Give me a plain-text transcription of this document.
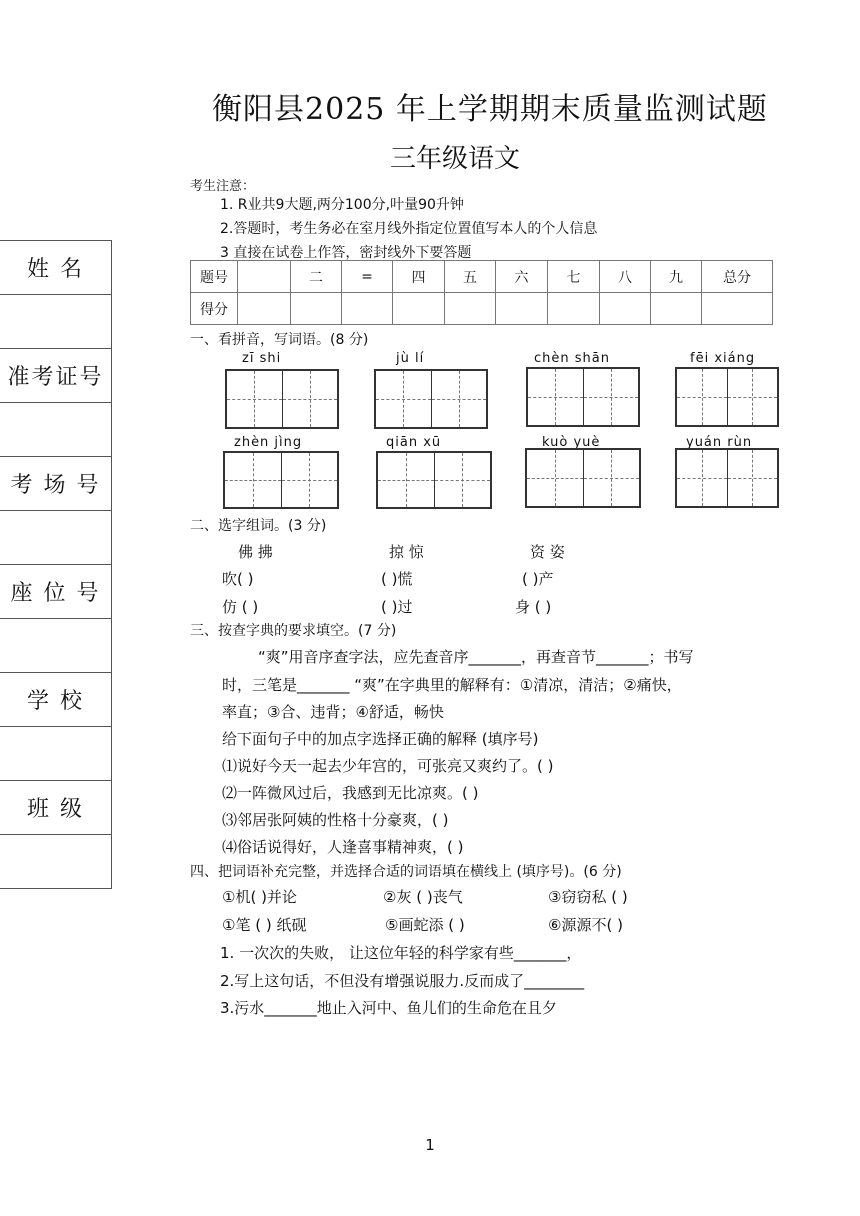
衡阳县2025 年上学期期末质量监测试题
三年级语文
考生注意：
1. R业共9大题,两分100分,叶量90升钟
2.答题时，考生务必在室月线外指定位置值写本人的个人信息
3 直接在试卷上作答，密封线外下要答题
姓 名
准考证号
考 场 号
座 位 号
学 校
班 级
题号		二	=	四	五	六	七	八	九	总分
得分										
一、看拼音，写词语。(8 分)
zī shi	jù lí	chèn shān	fēi xiáng
zhèn jìng	qiān xū	kuò yuè	yuán rùn
二、选字组词。(3 分)
佛 拂	掠 惊	资 姿
吹( )	( )慌	( )产
仿 ( )	( )过	身 ( )
三、按查字典的要求填空。(7 分)
“爽”用音序查字法，应先查音序_______，再查音节_______；书写
时，三笔是_______ “爽”在字典里的解释有：①清凉，清洁；②痛快，
率直；③合、违背；④舒适，畅快
给下面句子中的加点字选择正确的解释 (填序号)
⑴说好今天一起去少年宫的，可张亮又爽约了。( )
⑵一阵微风过后，我感到无比凉爽。( )
⑶邻居张阿姨的性格十分豪爽，( )
⑷俗话说得好，人逢喜事精神爽，( )
四、把词语补充完整，并选择合适的词语填在横线上 (填序号)。(6 分)
①机( )并论	②灰 ( )丧气	③窃窃私 ( )
①笔 ( ) 纸砚	⑤画蛇添 ( )	⑥源源不( )
1. 一次次的失败， 让这位年轻的科学家有些_______，
2.写上这句话，不但没有增强说服力.反而成了________
3.污水_______地止入河中、鱼儿们的生命危在且夕
1
